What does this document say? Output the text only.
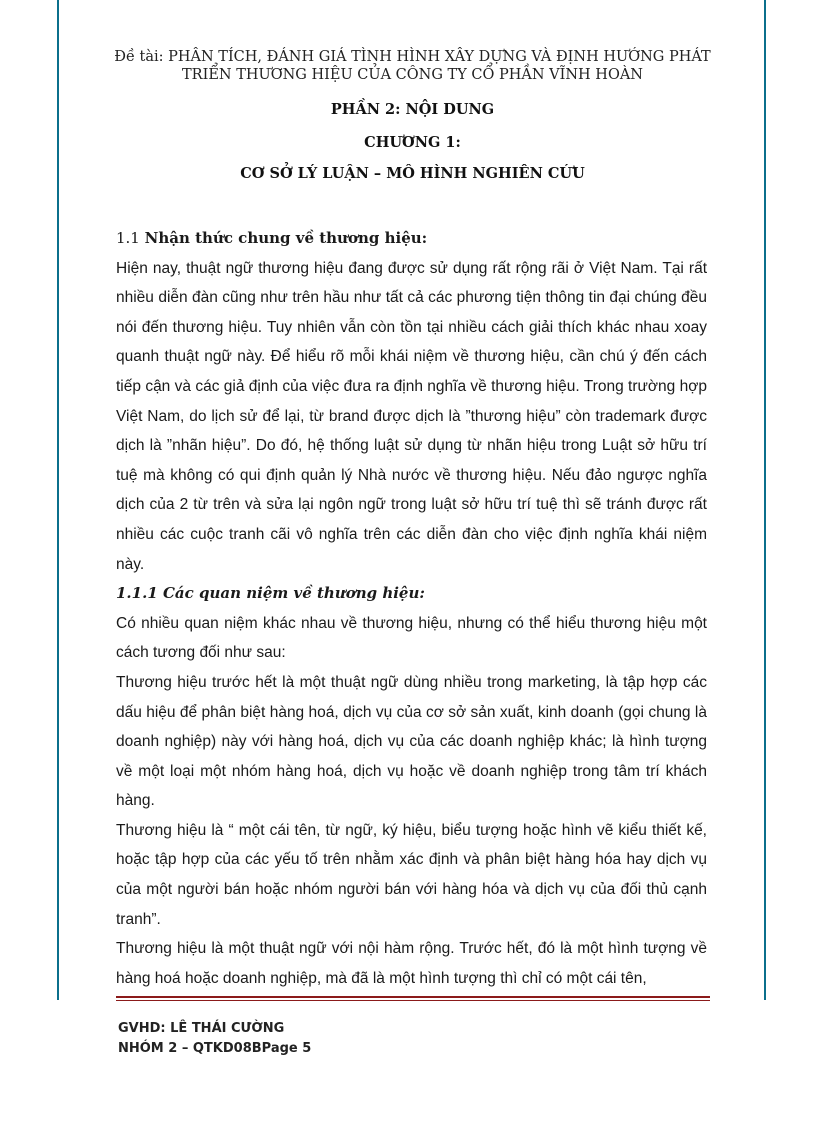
Đề tài: PHÂN TÍCH, ĐÁNH GIÁ TÌNH HÌNH XÂY DỰNG VÀ ĐỊNH HƯỚNG PHÁT
TRIỂN THƯƠNG HIỆU CỦA CÔNG TY CỔ PHẦN VĨNH HOÀN
PHẦN 2: NỘI DUNG
CHƯƠNG 1:
CƠ SỞ LÝ LUẬN – MÔ HÌNH NGHIÊN CỨU

1.1 Nhận thức chung về thương hiệu:

Hiện nay, thuật ngữ thương hiệu đang được sử dụng rất rộng rãi ở Việt Nam. Tại rất nhiều diễn đàn cũng như trên hầu như tất cả các phương tiện thông tin đại chúng đều nói đến thương hiệu. Tuy nhiên vẫn còn tồn tại nhiều cách giải thích khác nhau xoay quanh thuật ngữ này. Để hiểu rõ mỗi khái niệm về thương hiệu, cần chú ý đến cách tiếp cận và các giả định của việc đưa ra định nghĩa về thương hiệu. Trong trường hợp Việt Nam, do lịch sử để lại, từ brand được dịch là ”thương hiệu” còn trademark được dịch là ”nhãn hiệu”. Do đó, hệ thống luật sử dụng từ nhãn hiệu trong Luật sở hữu trí tuệ mà không có qui định quản lý Nhà nước về thương hiệu. Nếu đảo ngược nghĩa dịch của 2 từ trên và sửa lại ngôn ngữ trong luật sở hữu trí tuệ thì sẽ tránh được rất nhiều các cuộc tranh cãi vô nghĩa trên các diễn đàn cho việc định nghĩa khái niệm này.

1.1.1 Các quan niệm về thương hiệu:

Có nhiều quan niệm khác nhau về thương hiệu, nhưng có thể hiểu thương hiệu một cách tương đối như sau:

Thương hiệu trước hết là một thuật ngữ dùng nhiều trong marketing, là tập hợp các dấu hiệu để phân biệt hàng hoá, dịch vụ của cơ sở sản xuất, kinh doanh (gọi chung là doanh nghiệp) này với hàng hoá, dịch vụ của các doanh nghiệp khác; là hình tượng về một loại một nhóm hàng hoá, dịch vụ hoặc về doanh nghiệp trong tâm trí khách hàng.

Thương hiệu là “ một cái tên, từ ngữ, ký hiệu, biểu tượng hoặc hình vẽ kiểu thiết kế, hoặc tập hợp của các yếu tố trên nhằm xác định và phân biệt hàng hóa hay dịch vụ của một người bán hoặc nhóm người bán với hàng hóa và dịch vụ của đối thủ cạnh tranh”.

Thương hiệu là một thuật ngữ với nội hàm rộng. Trước hết, đó là một hình tượng về hàng hoá hoặc doanh nghiệp, mà đã là một hình tượng thì chỉ có một cái tên,

GVHD: LÊ THÁI CƯỜNG
NHÓM 2 – QTKD08BPage 5
